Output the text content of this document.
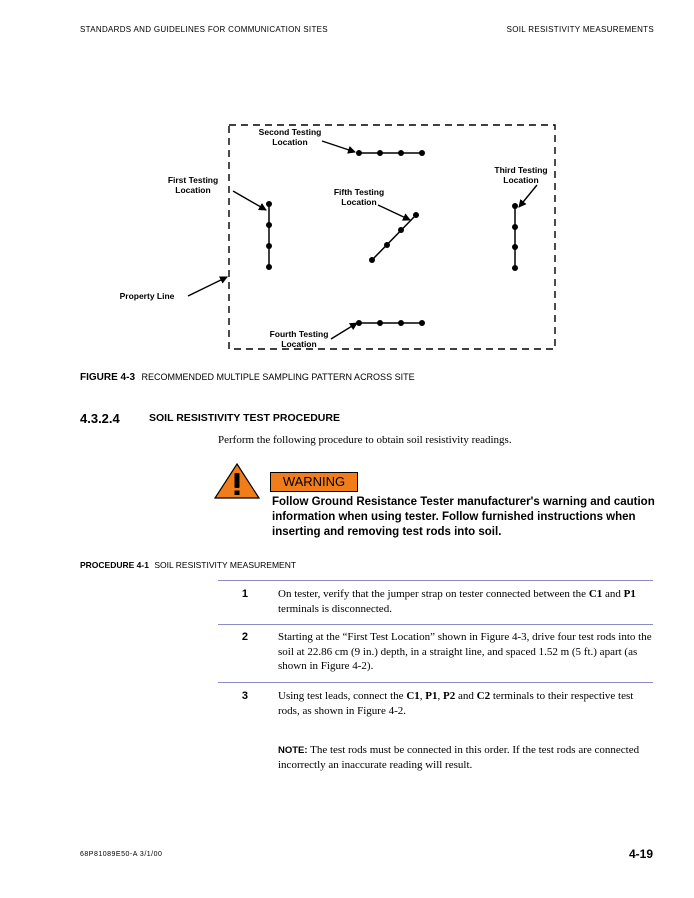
STANDARDS AND GUIDELINES FOR COMMUNICATION SITES	SOIL RESISTIVITY MEASUREMENTS
Second Testing
Location
First Testing
Location
Third Testing
Location
Fifth Testing
Location
Property Line
Fourth Testing
Location
FIGURE 4-3 RECOMMENDED MULTIPLE SAMPLING PATTERN ACROSS SITE
4.3.2.4	SOIL RESISTIVITY TEST PROCEDURE
Perform the following procedure to obtain soil resistivity readings.
WARNING
Follow Ground Resistance Tester manufacturer's warning and caution information when using tester. Follow furnished instructions when inserting and removing test rods into soil.
PROCEDURE 4-1 SOIL RESISTIVITY MEASUREMENT
1	On tester, verify that the jumper strap on tester connected between the C1 and P1 terminals is disconnected.
2	Starting at the “First Test Location” shown in Figure 4-3, drive four test rods into the soil at 22.86 cm (9 in.) depth, in a straight line, and spaced 1.52 m (5 ft.) apart (as shown in Figure 4-2).
3	Using test leads, connect the C1, P1, P2 and C2 terminals to their respective test rods, as shown in Figure 4-2.
NOTE: The test rods must be connected in this order. If the test rods are connected incorrectly an inaccurate reading will result.
68P81089E50-A 3/1/00	4-19
